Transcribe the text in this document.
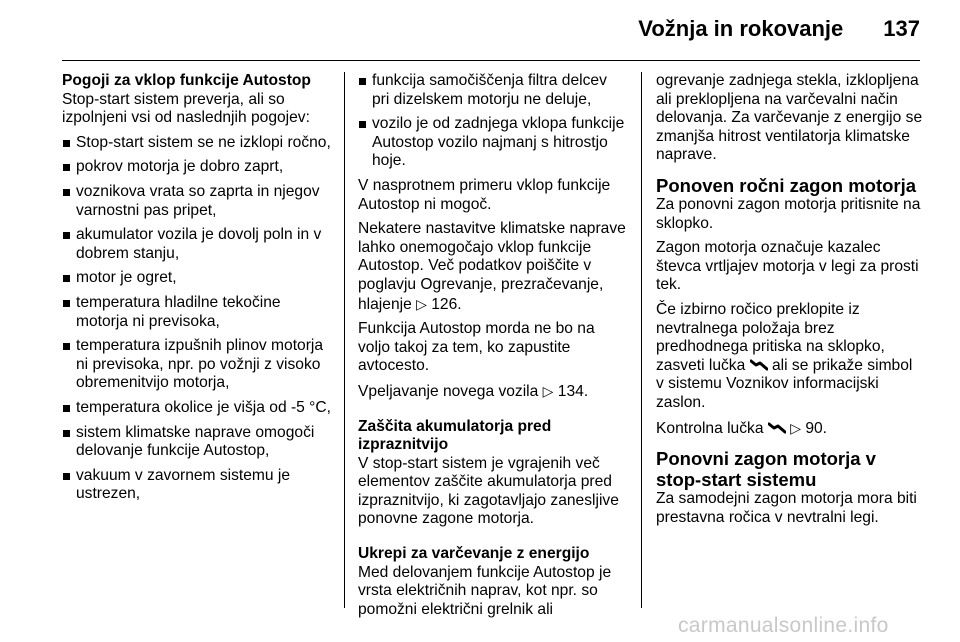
Vožnja in rokovanje 137
Pogoji za vklop funkcije Autostop
Stop-start sistem preverja, ali so izpolnjeni vsi od naslednjih pogojev:
Stop-start sistem se ne izklopi ročno,
pokrov motorja je dobro zaprt,
voznikova vrata so zaprta in njegov varnostni pas pripet,
akumulator vozila je dovolj poln in v dobrem stanju,
motor je ogret,
temperatura hladilne tekočine motorja ni previsoka,
temperatura izpušnih plinov motorja ni previsoka, npr. po vožnji z visoko obremenitvijo motorja,
temperatura okolice je višja od -5 °C,
sistem klimatske naprave omogoči delovanje funkcije Autostop,
vakuum v zavornem sistemu je ustrezen,
funkcija samočiščenja filtra delcev pri dizelskem motorju ne deluje,
vozilo je od zadnjega vklopa funkcije Autostop vozilo najmanj s hitrostjo hoje.
V nasprotnem primeru vklop funkcije Autostop ni mogoč.
Nekatere nastavitve klimatske naprave lahko onemogočajo vklop funkcije Autostop. Več podatkov poiščite v poglavju Ogrevanje, prezračevanje, hlajenje ▷ 126.
Funkcija Autostop morda ne bo na voljo takoj za tem, ko zapustite avtocesto.
Vpeljavanje novega vozila ▷ 134.
Zaščita akumulatorja pred izpraznitvijo
V stop-start sistem je vgrajenih več elementov zaščite akumulatorja pred izpraznitvijo, ki zagotavljajo zanesljive ponovne zagone motorja.
Ukrepi za varčevanje z energijo
Med delovanjem funkcije Autostop je vrsta električnih naprav, kot npr. so pomožni električni grelnik ali
ogrevanje zadnjega stekla, izklopljena ali preklopljena na varčevalni način delovanja. Za varčevanje z energijo se zmanjša hitrost ventilatorja klimatske naprave.
Ponoven ročni zagon motorja
Za ponovni zagon motorja pritisnite na sklopko.
Zagon motorja označuje kazalec števca vrtljajev motorja v legi za prosti tek.
Če izbirno ročico preklopite iz nevtralnega položaja brez predhodnega pritiska na sklopko, zasveti lučka ali se prikaže simbol v sistemu Voznikov informacijski zaslon.
Kontrolna lučka ▷ 90.
Ponovni zagon motorja v stop-start sistemu
Za samodejni zagon motorja mora biti prestavna ročica v nevtralni legi.
carmanualsonline.info
